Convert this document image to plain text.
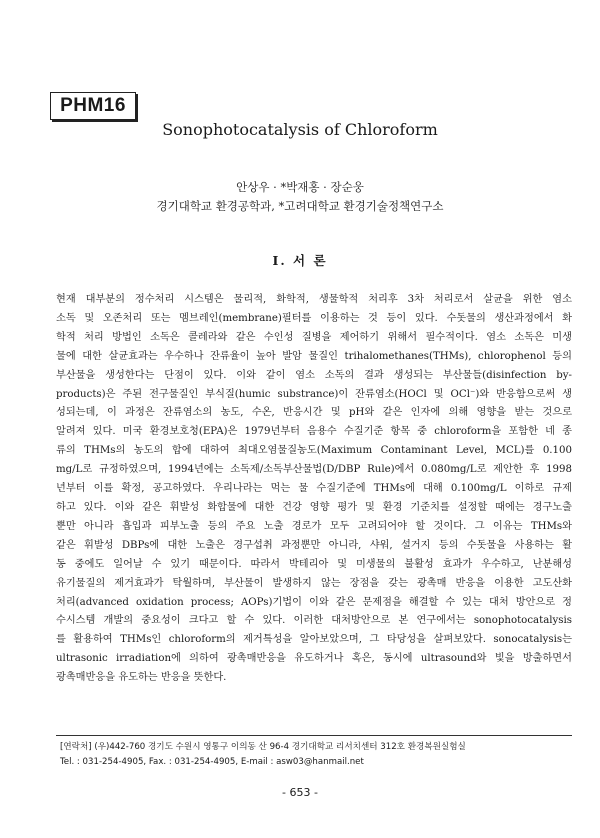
PHM16
Sonophotocatalysis of Chloroform
안상우 · *박재홍 · 장순웅
경기대학교 환경공학과, *고려대학교 환경기술정책연구소
I. 서 론
현재 대부분의 정수처리 시스템은 물리적, 화학적, 생물학적 처리후 3차 처리로서 살균을 위한 염소
소독 및 오존처리 또는 멤브레인(membrane)필터를 이용하는 것 등이 있다. 수돗물의 생산과정에서 화
학적 처리 방법인 소독은 콜레라와 같은 수인성 질병을 제어하기 위해서 필수적이다. 염소 소독은 미생
물에 대한 살균효과는 우수하나 잔류율이 높아 발암 물질인 trihalomethanes(THMs), chlorophenol 등의
부산물을 생성한다는 단점이 있다. 이와 같이 염소 소독의 결과 생성되는 부산물들(disinfection by-
products)은 주된 전구물질인 부식질(humic substrance)이 잔류염소(HOCl 및 OCl⁻)와 반응함으로써 생
성되는데, 이 과정은 잔류염소의 농도, 수온, 반응시간 및 pH와 같은 인자에 의해 영향을 받는 것으로
알려져 있다. 미국 환경보호청(EPA)은 1979년부터 음용수 수질기준 항목 중 chloroform을 포함한 네 종
류의 THMs의 농도의 합에 대하여 최대오염물질농도(Maximum Contaminant Level, MCL)를 0.100
mg/L로 규정하였으며, 1994년에는 소독제/소독부산물법(D/DBP Rule)에서 0.080mg/L로 제안한 후 1998
년부터 이를 확정, 공고하였다. 우리나라는 먹는 물 수질기준에 THMs에 대해 0.100mg/L 이하로 규제
하고 있다. 이와 같은 휘발성 화합물에 대한 건강 영향 평가 및 환경 기준치를 설정할 때에는 경구노출
뿐만 아니라 흡입과 피부노출 등의 주요 노출 경로가 모두 고려되어야 할 것이다. 그 이유는 THMs와
같은 휘발성 DBPs에 대한 노출은 경구섭취 과정뿐만 아니라, 샤워, 설거지 등의 수돗물을 사용하는 활
동 중에도 일어날 수 있기 때문이다. 따라서 박테리아 및 미생물의 불활성 효과가 우수하고, 난분해성
유기물질의 제거효과가 탁월하며, 부산물이 발생하지 않는 장점을 갖는 광촉매 반응을 이용한 고도산화
처리(advanced oxidation process; AOPs)기법이 이와 같은 문제점을 해결할 수 있는 대처 방안으로 정
수시스템 개발의 중요성이 크다고 할 수 있다. 이러한 대처방안으로 본 연구에서는 sonophotocatalysis
를 활용하여 THMs인 chloroform의 제거특성을 알아보았으며, 그 타당성을 살펴보았다. sonocatalysis는
ultrasonic irradiation에 의하여 광촉매반응을 유도하거나 혹은, 동시에 ultrasound와 빛을 방출하면서
광촉매반응을 유도하는 반응을 뜻한다.
[연락처] (우)442-760 경기도 수원시 영통구 이의동 산 96-4 경기대학교 리서치센터 312호 환경복원실험실
Tel. : 031-254-4905, Fax. : 031-254-4905, E-mail : asw03@hanmail.net
- 653 -
